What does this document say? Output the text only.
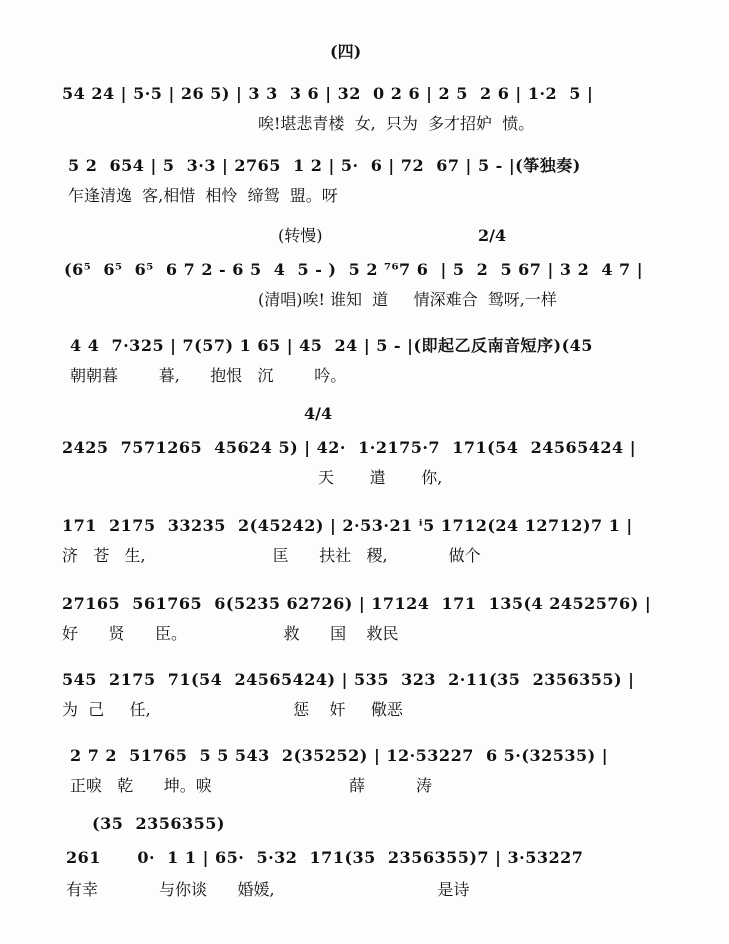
(四)
54 24 | 5·5 | 26 5) | 3 3  3 6 | 32  0 2 6 | 2 5  2 6 | 1·2  5 |
唉!堪悲青楼  女,  只为  多才招妒  愤。
5 2  654 | 5  3·3 | 2765  1 2 | 5·  6 | 72  67 | 5 - |(筝独奏)
乍逢清逸  客,相惜  相怜  缔鸳  盟。呀
(转慢)	2/4
(6⁵  6⁵  6⁵  6 7 2 - 6 5  4  5 - )  5 2 ⁷⁶7 6  | 5  2  5 67 | 3 2  4 7 |
(清唱)唉! 谁知  道     情深难合  鸳呀,一样
4 4  7·325 | 7(57) 1 65 | 45  24 | 5 - |(即起乙反南音短序)(45
朝朝暮        暮,      抱恨   沉        吟。
4/4
2425  7571265  45624 5) | 42·  1·2175·7  171(54  24565424 |
天       遣       你,
171  2175  33235  2(45242) | 2·53·21 ⁱ5 1712(24 12712)7 1 |
济   苍   生,                         匡      扶社   稷,            做个
27165  561765  6(5235 62726) | 17124  171  135(4 2452576) |
好      贤      臣。                   救      国    救民
545  2175  71(54  24565424) | 535  323  2·11(35  2356355) |
为  己     任,                            惩    奸     儆恶
2 7 2  51765  5 5 543  2(35252) | 12·53227  6 5·(32535) |
正唳   乾      坤。唳                           薛          涛
(35  2356355)
261      0·  1 1 | 65·  5·32  171(35  2356355)7 | 3·53227
有幸            与你谈      婚媛,                                是诗
